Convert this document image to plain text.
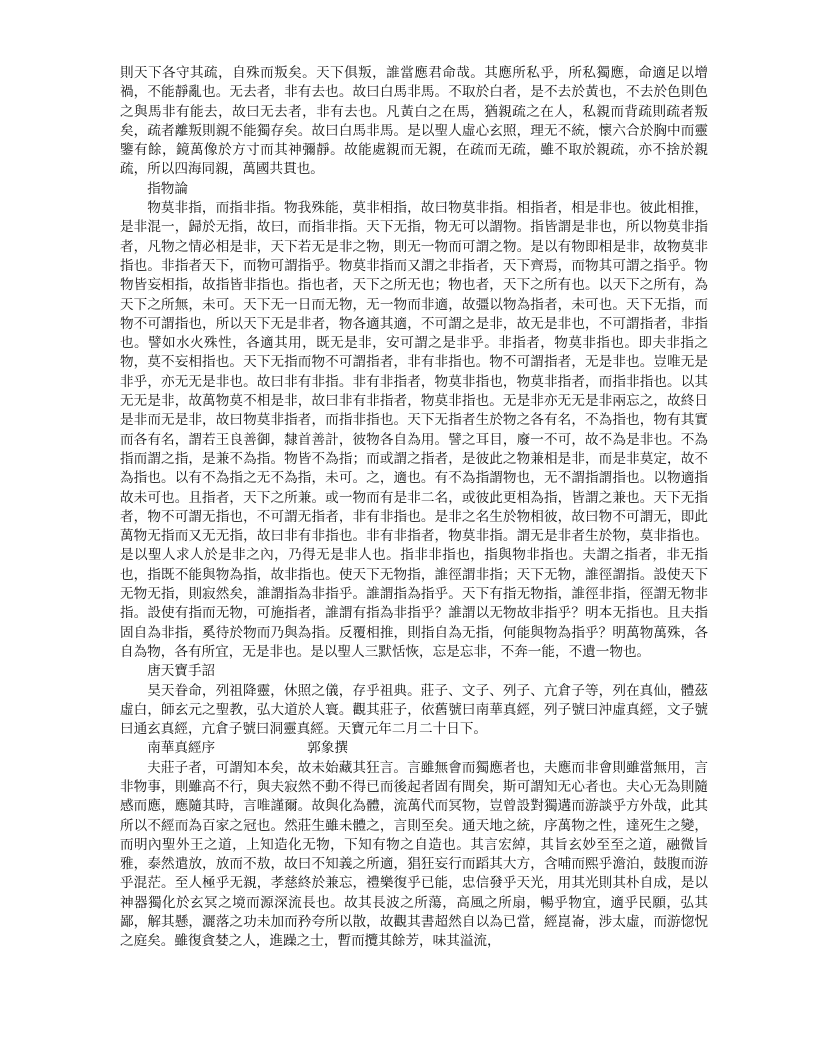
則天下各守其疏，自殊而叛矣。天下俱叛，誰當應君命哉。其應所私乎，所私獨應，命適足以增禍，不能靜亂也。无去者，非有去也。故曰白馬非馬。不取於白者，是不去於黃也，不去於色則色之與馬非有能去，故曰无去者，非有去也。凡黃白之在馬，猶親疏之在人，私親而背疏則疏者叛矣，疏者離叛則親不能獨存矣。故曰白馬非馬。是以聖人虛心玄照，理无不統，懷六合於胸中而靈鑒有餘，鏡萬像於方寸而其神彌靜。故能處親而无親，在疏而无疏，雖不取於親疏，亦不捨於親疏，所以四海同親，萬國共貫也。

指物論

物莫非指，而指非指。物我殊能，莫非相指，故曰物莫非指。相指者，相是非也。彼此相推，是非混一，歸於无指，故曰，而指非指。天下无指，物无可以謂物。指皆謂是非也，所以物莫非指者，凡物之情必相是非，天下若无是非之物，則无一物而可謂之物。是以有物即相是非，故物莫非指也。非指者天下，而物可謂指乎。物莫非指而又謂之非指者，天下齊焉，而物其可謂之指乎。物物皆妄相指，故指皆非指也。指也者，天下之所无也；物也者，天下之所有也。以天下之所有，為天下之所無，未可。天下无一日而无物，无一物而非適，故彊以物為指者，未可也。天下无指，而物不可謂指也，所以天下无是非者，物各適其適，不可謂之是非，故无是非也，不可謂指者，非指也。譬如水火殊性，各適其用，既无是非，安可謂之是非乎。非指者，物莫非指也。即夫非指之物，莫不妄相指也。天下无指而物不可謂指者，非有非指也。物不可謂指者，无是非也。豈唯无是非乎，亦无无是非也。故曰非有非指。非有非指者，物莫非指也，物莫非指者，而指非指也。以其无无是非，故萬物莫不相是非，故曰非有非指者，物莫非指也。无是非亦无无是非兩忘之，故終日是非而无是非，故曰物莫非指者，而指非指也。天下无指者生於物之各有名，不為指也，物有其實而各有名，謂若王良善御，隸首善計，彼物各自為用。譬之耳目，廢一不可，故不為是非也。不為指而謂之指，是兼不為指。物皆不為指；而或謂之指者，是彼此之物兼相是非，而是非莫定，故不為指也。以有不為指之无不為指，未可。之，適也。有不為指謂物也，无不謂指謂指也。以物適指故未可也。且指者，天下之所兼。或一物而有是非二名，或彼此更相為指，皆謂之兼也。天下无指者，物不可謂无指也，不可謂无指者，非有非指也。是非之名生於物相彼，故曰物不可謂无，即此萬物无指而又无无指，故曰非有非指也。非有非指者，物莫非指。謂无是非者生於物，莫非指也。是以聖人求人於是非之內，乃得无是非人也。指非非指也，指與物非指也。夫謂之指者，非无指也，指既不能與物為指，故非指也。使天下无物指，誰徑謂非指；天下无物，誰徑謂指。設使天下无物无指，則寂然矣，誰謂指為非指乎。誰謂指為指乎。天下有指无物指，誰徑非指，徑謂无物非指。設使有指而无物，可施指者，誰謂有指為非指乎？誰謂以无物故非指乎？明本无指也。且夫指固自為非指，奚待於物而乃與為指。反覆相推，則指自為无指，何能與物為指乎？明萬物萬殊，各自為物，各有所宜，无是非也。是以聖人三默恬恢，忘是忘非，不奔一能，不遺一物也。

唐天寶手詔

昊天眷命，列祖降靈，休照之儀，存乎祖典。莊子、文子、列子、亢倉子等，列在真仙，體茲虛白，師玄元之聖教，弘大道於人寰。觀其莊子，依舊號曰南華真經，列子號曰沖虛真經，文子號曰通玄真經，亢倉子號曰洞靈真經。天寶元年二月二十日下。

南華真經序	郭象撰

夫莊子者，可謂知本矣，故未始藏其狂言。言雖無會而獨應者也，夫應而非會則雖當無用，言非物事，則雖高不行，與夫寂然不動不得已而後起者固有間矣，斯可謂知无心者也。夫心无為則隨感而應，應隨其時，言唯謹爾。故與化為體，流萬代而冥物，豈曾設對獨遘而游談乎方外哉，此其所以不經而為百家之冠也。然莊生雖未體之，言則至矣。通天地之統，序萬物之性，達死生之變，而明內聖外王之道，上知造化无物，下知有物之自造也。其言宏綽，其旨玄妙至至之道，融微旨雅，泰然遣放，放而不敖，故曰不知義之所適，猖狂妄行而蹈其大方，含哺而熙乎澹泊，鼓腹而游乎混茫。至人極乎无親，孝慈終於兼忘，禮樂復乎已能，忠信發乎天光，用其光則其朴自成，是以神器獨化於玄冥之境而源深流長也。故其長波之所蕩，高風之所扇，暢乎物宜，適乎民願，弘其鄙，解其懸，灑落之功未加而矜夸所以散，故觀其書超然自以為已當，經崑崙，涉太虛，而游惚怳之庭矣。雖復貪婪之人，進躁之士，暫而攬其餘芳，味其溢流，
